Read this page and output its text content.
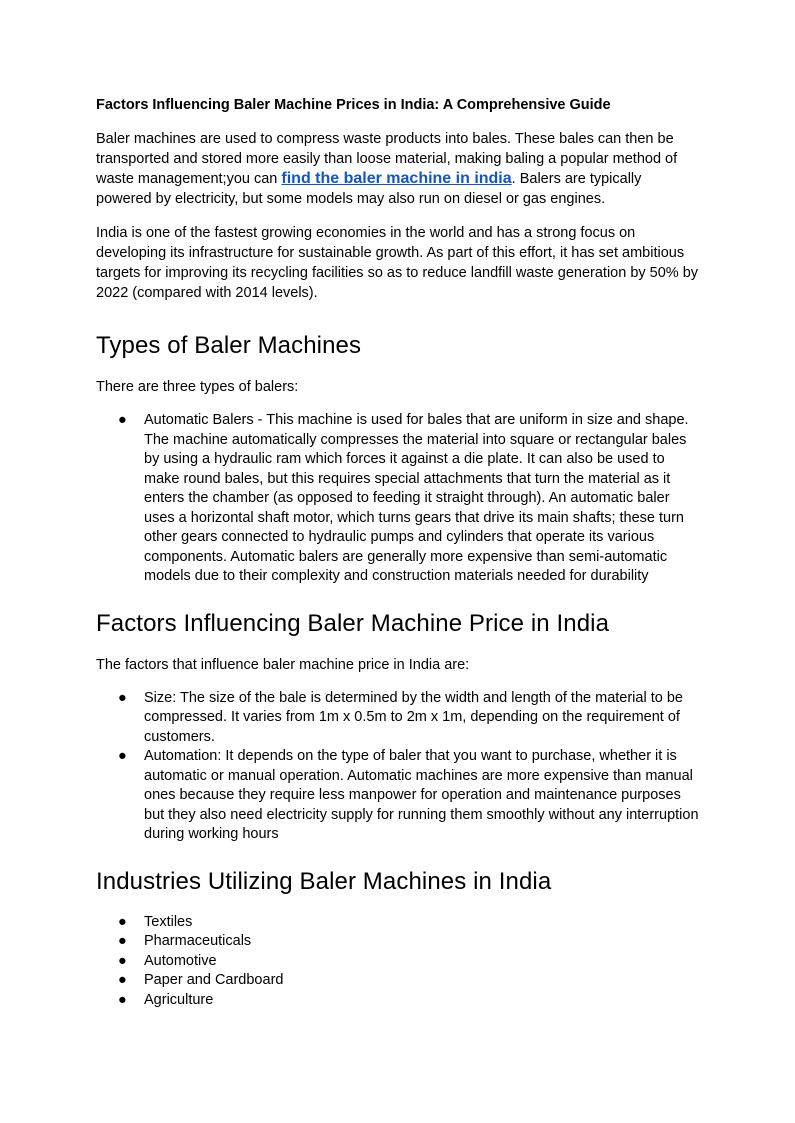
Factors Influencing Baler Machine Prices in India: A Comprehensive Guide

Baler machines are used to compress waste products into bales. These bales can then be transported and stored more easily than loose material, making baling a popular method of waste management;you can find the baler machine in india. Balers are typically powered by electricity, but some models may also run on diesel or gas engines.

India is one of the fastest growing economies in the world and has a strong focus on developing its infrastructure for sustainable growth. As part of this effort, it has set ambitious targets for improving its recycling facilities so as to reduce landfill waste generation by 50% by 2022 (compared with 2014 levels).

Types of Baler Machines

There are three types of balers:

● Automatic Balers - This machine is used for bales that are uniform in size and shape. The machine automatically compresses the material into square or rectangular bales by using a hydraulic ram which forces it against a die plate. It can also be used to make round bales, but this requires special attachments that turn the material as it enters the chamber (as opposed to feeding it straight through). An automatic baler uses a horizontal shaft motor, which turns gears that drive its main shafts; these turn other gears connected to hydraulic pumps and cylinders that operate its various components. Automatic balers are generally more expensive than semi-automatic models due to their complexity and construction materials needed for durability
Factors Influencing Baler Machine Price in India

The factors that influence baler machine price in India are:

● Size: The size of the bale is determined by the width and length of the material to be compressed. It varies from 1m x 0.5m to 2m x 1m, depending on the requirement of customers.
● Automation: It depends on the type of baler that you want to purchase, whether it is automatic or manual operation. Automatic machines are more expensive than manual ones because they require less manpower for operation and maintenance purposes but they also need electricity supply for running them smoothly without any interruption during working hours
Industries Utilizing Baler Machines in India
● Textiles
● Pharmaceuticals
● Automotive
● Paper and Cardboard
● Agriculture
